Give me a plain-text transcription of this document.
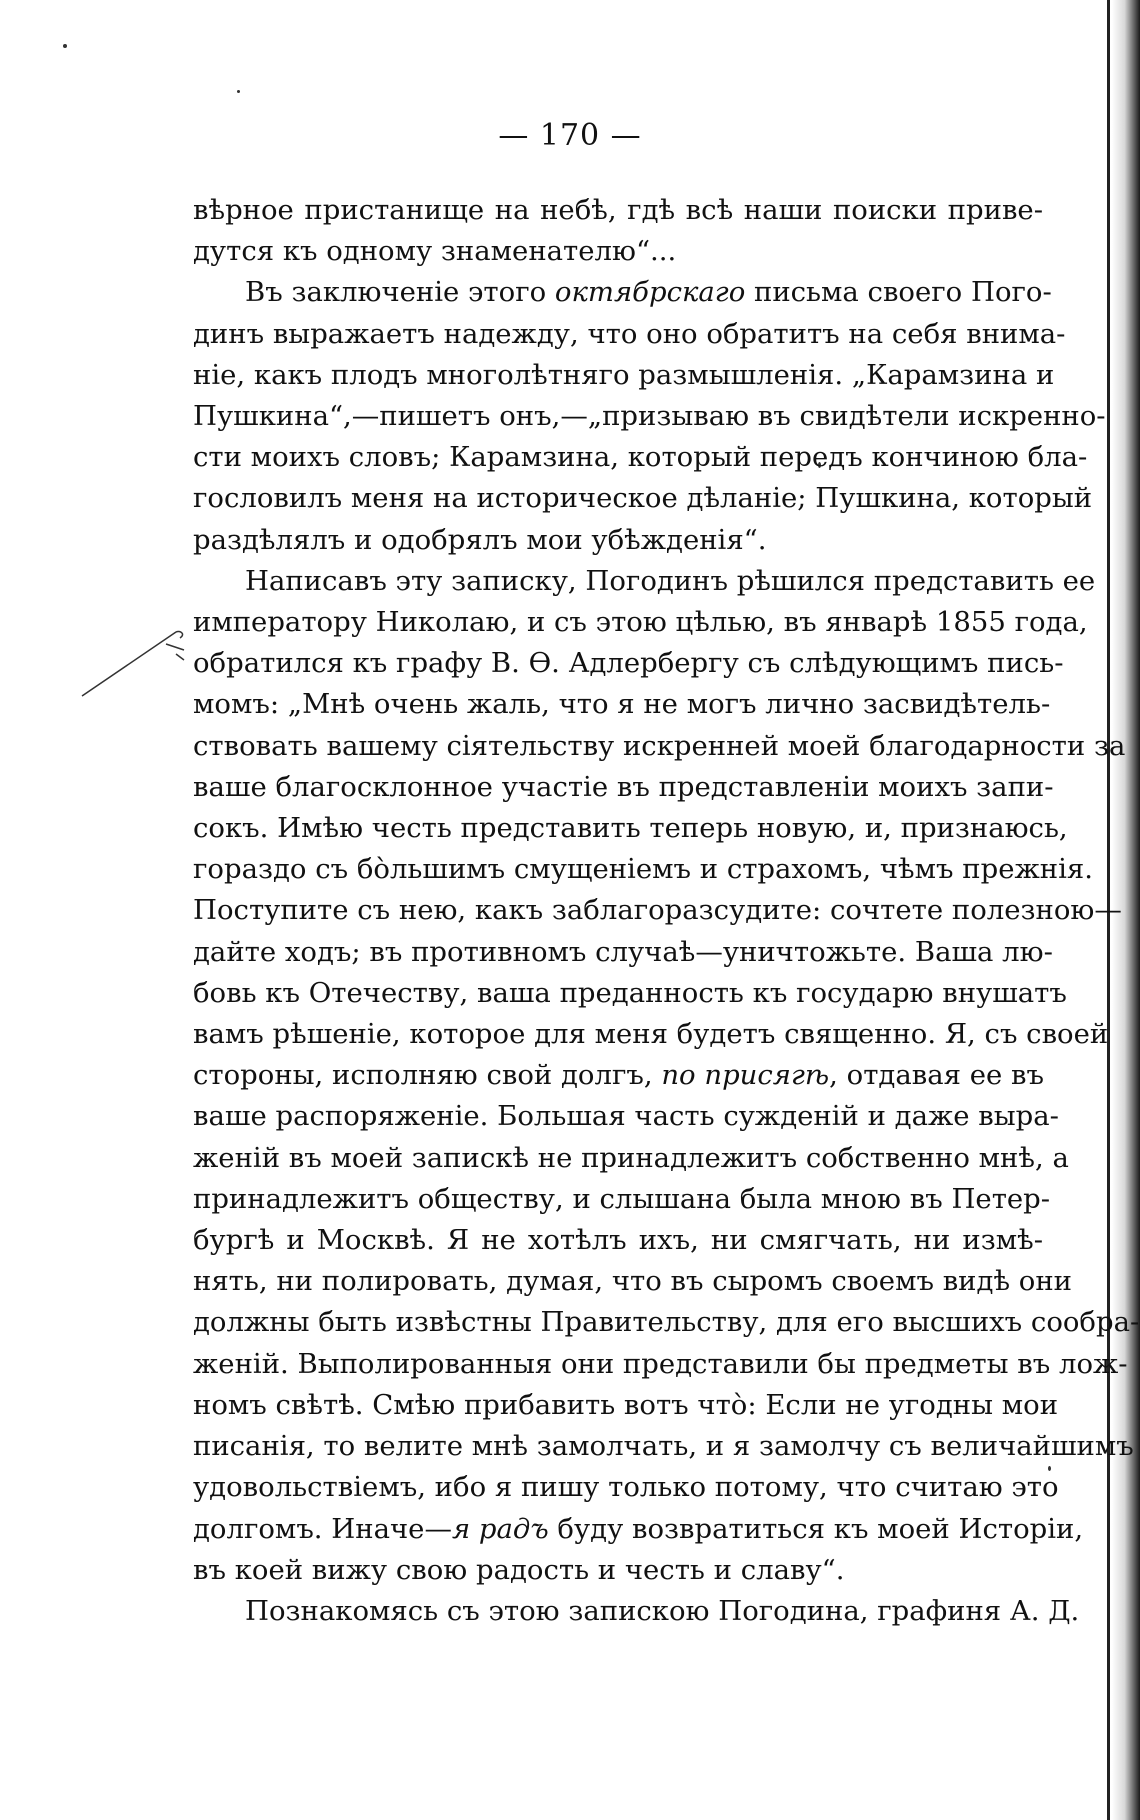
— 170 —
вѣрное пристанище на небѣ, гдѣ всѣ наши поиски приве-
дутся къ одному знаменателю“...
Въ заключеніе этого октябрскаго письма своего Пого-
динъ выражаетъ надежду, что оно обратитъ на себя внима-
ніе, какъ плодъ многолѣтняго размышленія. „Карамзина и
Пушкина“,—пишетъ онъ,—„призываю въ свидѣтели искренно-
сти моихъ словъ; Карамзина, который передъ кончиною бла-
гословилъ меня на историческое дѣланіе; Пушкина, который
раздѣлялъ и одобрялъ мои убѣжденія“.
Написавъ эту записку, Погодинъ рѣшился представить ее
императору Николаю, и съ этою цѣлью, въ январѣ 1855 года,
обратился къ графу В. Ѳ. Адлербергу съ слѣдующимъ пись-
момъ: „Мнѣ очень жаль, что я не могъ лично засвидѣтель-
ствовать вашему сіятельству искренней моей благодарности за
ваше благосклонное участіе въ представленіи моихъ запи-
сокъ. Имѣю честь представить теперь новую, и, признаюсь,
гораздо съ бо̀льшимъ смущеніемъ и страхомъ, чѣмъ прежнія.
Поступите съ нею, какъ заблагоразсудите: сочтете полезною—
дайте ходъ; въ противномъ случаѣ—уничтожьте. Ваша лю-
бовь къ Отечеству, ваша преданность къ государю внушатъ
вамъ рѣшеніе, которое для меня будетъ священно. Я, съ своей
стороны, исполняю свой долгъ, по присягѣ, отдавая ее въ
ваше распоряженіе. Большая часть сужденій и даже выра-
женій въ моей запискѣ не принадлежитъ собственно мнѣ, а
принадлежитъ обществу, и слышана была мною въ Петер-
бургѣ и Москвѣ. Я не хотѣлъ ихъ, ни смягчать, ни измѣ-
нять, ни полировать, думая, что въ сыромъ своемъ видѣ они
должны быть извѣстны Правительству, для его высшихъ сообра-
женій. Выполированныя они представили бы предметы въ лож-
номъ свѣтѣ. Смѣю прибавить вотъ что̀: Если не угодны мои
писанія, то велите мнѣ замолчать, и я замолчу съ величайшимъ
удовольствіемъ, ибо я пишу только потому, что считаю это
долгомъ. Иначе—я радъ буду возвратиться къ моей Исторіи,
въ коей вижу свою радость и честь и славу“.
Познакомясь съ этою запискою Погодина, графиня А. Д.
